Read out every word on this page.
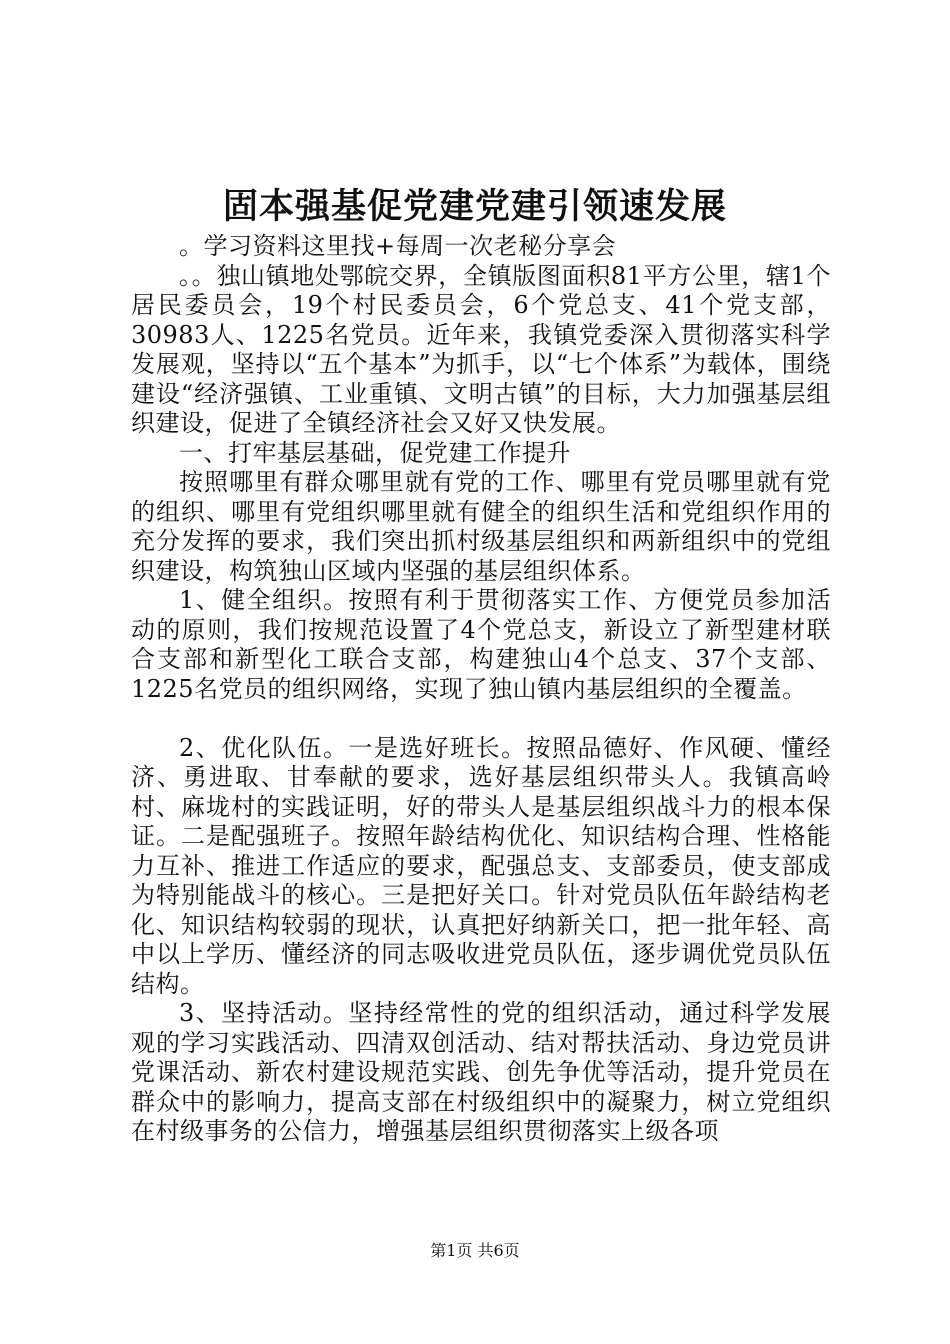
固本强基促党建党建引领速发展

。学习资料这里找+每周一次老秘分享会

。。独山镇地处鄂皖交界，全镇版图面积81平方公里，辖1个居民委员会，19个村民委员会，6个党总支、41个党支部，30983人、1225名党员。近年来，我镇党委深入贯彻落实科学发展观，坚持以“五个基本”为抓手，以“七个体系”为载体，围绕建设“经济强镇、工业重镇、文明古镇”的目标，大力加强基层组织建设，促进了全镇经济社会又好又快发展。

一、打牢基层基础，促党建工作提升

按照哪里有群众哪里就有党的工作、哪里有党员哪里就有党的组织、哪里有党组织哪里就有健全的组织生活和党组织作用的充分发挥的要求，我们突出抓村级基层组织和两新组织中的党组织建设，构筑独山区域内坚强的基层组织体系。

1、健全组织。按照有利于贯彻落实工作、方便党员参加活动的原则，我们按规范设置了4个党总支，新设立了新型建材联合支部和新型化工联合支部，构建独山4个总支、37个支部、1225名党员的组织网络，实现了独山镇内基层组织的全覆盖。

2、优化队伍。一是选好班长。按照品德好、作风硬、懂经济、勇进取、甘奉献的要求，选好基层组织带头人。我镇高岭村、麻垅村的实践证明，好的带头人是基层组织战斗力的根本保证。二是配强班子。按照年龄结构优化、知识结构合理、性格能力互补、推进工作适应的要求，配强总支、支部委员，使支部成为特别能战斗的核心。三是把好关口。针对党员队伍年龄结构老化、知识结构较弱的现状，认真把好纳新关口，把一批年轻、高中以上学历、懂经济的同志吸收进党员队伍，逐步调优党员队伍结构。

3、坚持活动。坚持经常性的党的组织活动，通过科学发展观的学习实践活动、四清双创活动、结对帮扶活动、身边党员讲党课活动、新农村建设规范实践、创先争优等活动，提升党员在群众中的影响力，提高支部在村级组织中的凝聚力，树立党组织在村级事务的公信力，增强基层组织贯彻落实上级各项

第1页 共6页
